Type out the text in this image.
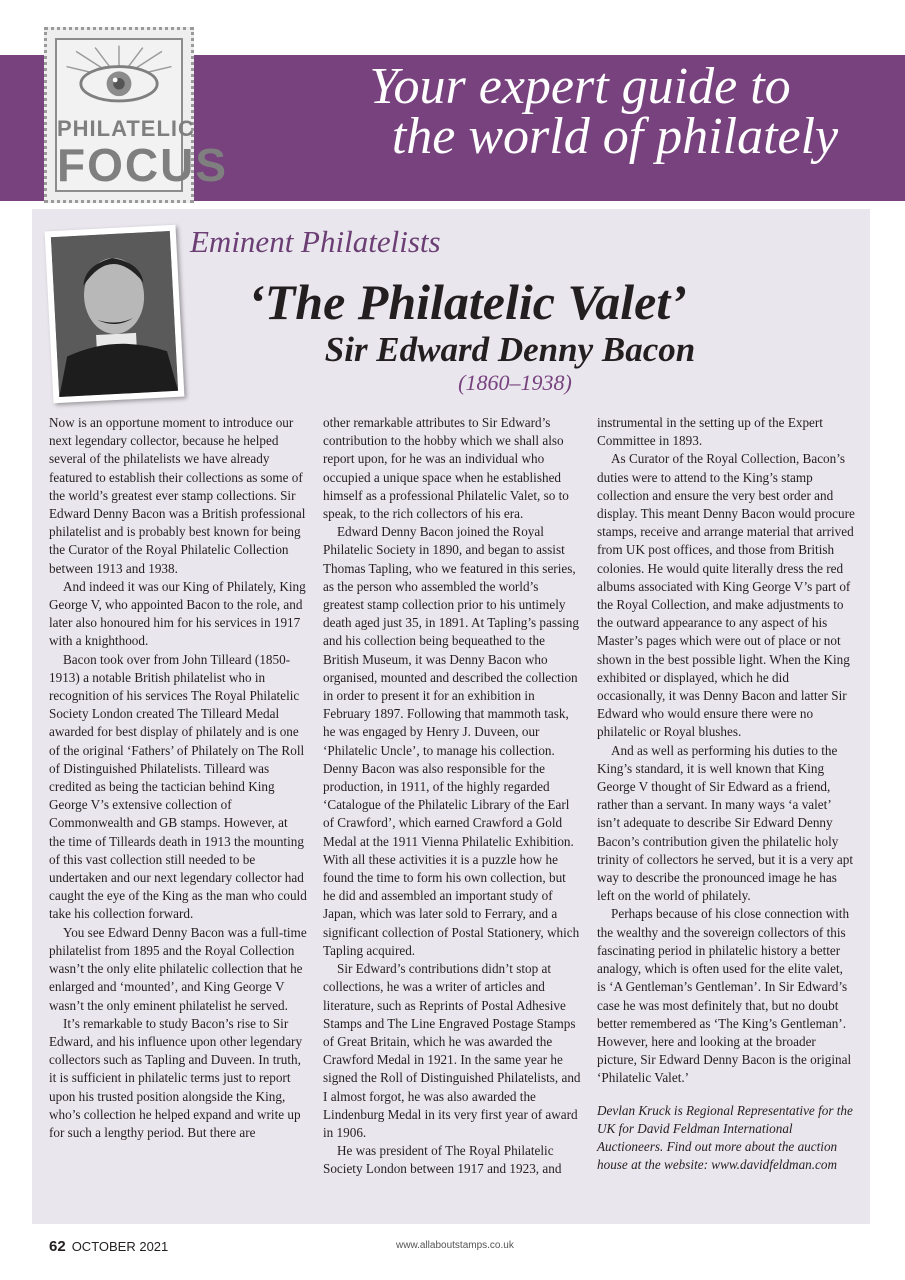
Your expert guide to
the world of philately
PHILATELIC
FOCUS
Eminent Philatelists
‘The Philatelic Valet’
Sir Edward Denny Bacon
(1860–1938)

Now is an opportune moment to introduce our next legendary collector, because he helped several of the philatelists we have already featured to establish their collections as some of the world’s greatest ever stamp collections. Sir Edward Denny Bacon was a British professional philatelist and is probably best known for being the Curator of the Royal Philatelic Collection between 1913 and 1938.

And indeed it was our King of Philately, King George V, who appointed Bacon to the role, and later also honoured him for his services in 1917 with a knighthood.

Bacon took over from John Tilleard (1850-1913) a notable British philatelist who in recognition of his services The Royal Philatelic Society London created The Tilleard Medal awarded for best display of philately and is one of the original ‘Fathers’ of Philately on The Roll of Distinguished Philatelists. Tilleard was credited as being the tactician behind King George V’s extensive collection of Commonwealth and GB stamps. However, at the time of Tilleards death in 1913 the mounting of this vast collection still needed to be undertaken and our next legendary collector had caught the eye of the King as the man who could take his collection forward.

You see Edward Denny Bacon was a full-time philatelist from 1895 and the Royal Collection wasn’t the only elite philatelic collection that he enlarged and ‘mounted’, and King George V wasn’t the only eminent philatelist he served.

It’s remarkable to study Bacon’s rise to Sir Edward, and his influence upon other legendary collectors such as Tapling and Duveen. In truth, it is sufficient in philatelic terms just to report upon his trusted position alongside the King, who’s collection he helped expand and write up for such a lengthy period. But there are

other remarkable attributes to Sir Edward’s contribution to the hobby which we shall also report upon, for he was an individual who occupied a unique space when he established himself as a professional Philatelic Valet, so to speak, to the rich collectors of his era.

Edward Denny Bacon joined the Royal Philatelic Society in 1890, and began to assist Thomas Tapling, who we featured in this series, as the person who assembled the world’s greatest stamp collection prior to his untimely death aged just 35, in 1891. At Tapling’s passing and his collection being bequeathed to the British Museum, it was Denny Bacon who organised, mounted and described the collection in order to present it for an exhibition in February 1897. Following that mammoth task, he was engaged by Henry J. Duveen, our ‘Philatelic Uncle’, to manage his collection. Denny Bacon was also responsible for the production, in 1911, of the highly regarded ‘Catalogue of the Philatelic Library of the Earl of Crawford’, which earned Crawford a Gold Medal at the 1911 Vienna Philatelic Exhibition. With all these activities it is a puzzle how he found the time to form his own collection, but he did and assembled an important study of Japan, which was later sold to Ferrary, and a significant collection of Postal Stationery, which Tapling acquired.

Sir Edward’s contributions didn’t stop at collections, he was a writer of articles and literature, such as Reprints of Postal Adhesive Stamps and The Line Engraved Postage Stamps of Great Britain, which he was awarded the Crawford Medal in 1921. In the same year he signed the Roll of Distinguished Philatelists, and I almost forgot, he was also awarded the Lindenburg Medal in its very first year of award in 1906.

He was president of The Royal Philatelic Society London between 1917 and 1923, and

instrumental in the setting up of the Expert Committee in 1893.

As Curator of the Royal Collection, Bacon’s duties were to attend to the King’s stamp collection and ensure the very best order and display. This meant Denny Bacon would procure stamps, receive and arrange material that arrived from UK post offices, and those from British colonies. He would quite literally dress the red albums associated with King George V’s part of the Royal Collection, and make adjustments to the outward appearance to any aspect of his Master’s pages which were out of place or not shown in the best possible light. When the King exhibited or displayed, which he did occasionally, it was Denny Bacon and latter Sir Edward who would ensure there were no philatelic or Royal blushes.

And as well as performing his duties to the King’s standard, it is well known that King George V thought of Sir Edward as a friend, rather than a servant. In many ways ‘a valet’ isn’t adequate to describe Sir Edward Denny Bacon’s contribution given the philatelic holy trinity of collectors he served, but it is a very apt way to describe the pronounced image he has left on the world of philately.

Perhaps because of his close connection with the wealthy and the sovereign collectors of this fascinating period in philatelic history a better analogy, which is often used for the elite valet, is ‘A Gentleman’s Gentleman’. In Sir Edward’s case he was most definitely that, but no doubt better remembered as ‘The King’s Gentleman’. However, here and looking at the broader picture, Sir Edward Denny Bacon is the original ‘Philatelic Valet.’

Devlan Kruck is Regional Representative for the UK for David Feldman International Auctioneers. Find out more about the auction house at the website: www.davidfeldman.com

62 OCTOBER 2021	www.allaboutstamps.co.uk
